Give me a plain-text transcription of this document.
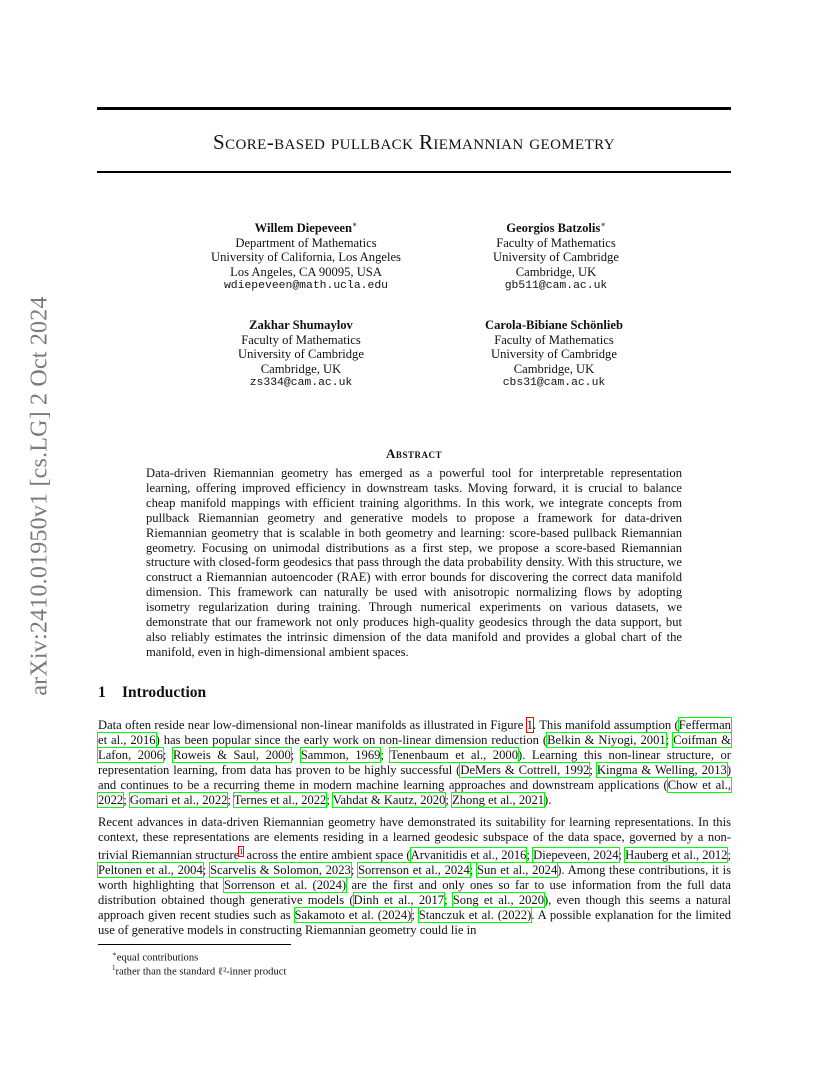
arXiv:2410.01950v1 [cs.LG] 2 Oct 2024
Score-based pullback Riemannian geometry
Willem Diepeveen∗
Department of Mathematics
University of California, Los Angeles
Los Angeles, CA 90095, USA
wdiepeveen@math.ucla.edu
Georgios Batzolis∗
Faculty of Mathematics
University of Cambridge
Cambridge, UK
gb511@cam.ac.uk
Zakhar Shumaylov
Faculty of Mathematics
University of Cambridge
Cambridge, UK
zs334@cam.ac.uk
Carola-Bibiane Schönlieb
Faculty of Mathematics
University of Cambridge
Cambridge, UK
cbs31@cam.ac.uk
Abstract
Data-driven Riemannian geometry has emerged as a powerful tool for interpretable representation learning, offering improved efficiency in downstream tasks. Moving forward, it is crucial to balance cheap manifold mappings with efficient training algorithms. In this work, we integrate concepts from pullback Riemannian geometry and generative models to propose a framework for data-driven Riemannian geometry that is scalable in both geometry and learning: score-based pullback Riemannian geometry. Focusing on unimodal distributions as a first step, we propose a score-based Riemannian structure with closed-form geodesics that pass through the data probability density. With this structure, we construct a Riemannian autoencoder (RAE) with error bounds for discovering the correct data manifold dimension. This framework can naturally be used with anisotropic normalizing flows by adopting isometry regularization during training. Through numerical experiments on various datasets, we demonstrate that our framework not only produces high-quality geodesics through the data support, but also reliably estimates the intrinsic dimension of the data manifold and provides a global chart of the manifold, even in high-dimensional ambient spaces.
1 Introduction
Data often reside near low-dimensional non-linear manifolds as illustrated in Figure 1. This manifold assumption (Fefferman et al., 2016) has been popular since the early work on non-linear dimension reduction (Belkin & Niyogi, 2001; Coifman & Lafon, 2006; Roweis & Saul, 2000; Sammon, 1969; Tenenbaum et al., 2000). Learning this non-linear structure, or representation learning, from data has proven to be highly successful (DeMers & Cottrell, 1992; Kingma & Welling, 2013) and continues to be a recurring theme in modern machine learning approaches and downstream applications (Chow et al., 2022; Gomari et al., 2022; Ternes et al., 2022; Vahdat & Kautz, 2020; Zhong et al., 2021).
Recent advances in data-driven Riemannian geometry have demonstrated its suitability for learning representations. In this context, these representations are elements residing in a learned geodesic subspace of the data space, governed by a non-trivial Riemannian structure$^1$ across the entire ambient space (Arvanitidis et al., 2016; Diepeveen, 2024; Hauberg et al., 2012; Peltonen et al., 2004; Scarvelis & Solomon, 2023; Sorrenson et al., 2024; Sun et al., 2024). Among these contributions, it is worth highlighting that Sorrenson et al. (2024) are the first and only ones so far to use information from the full data distribution obtained though generative models (Dinh et al., 2017; Song et al., 2020), even though this seems a natural approach given recent studies such as Sakamoto et al. (2024); Stanczuk et al. (2022). A possible explanation for the limited use of generative models in constructing Riemannian geometry could lie in
∗equal contributions
$^1$rather than the standard ℓ²-inner product
